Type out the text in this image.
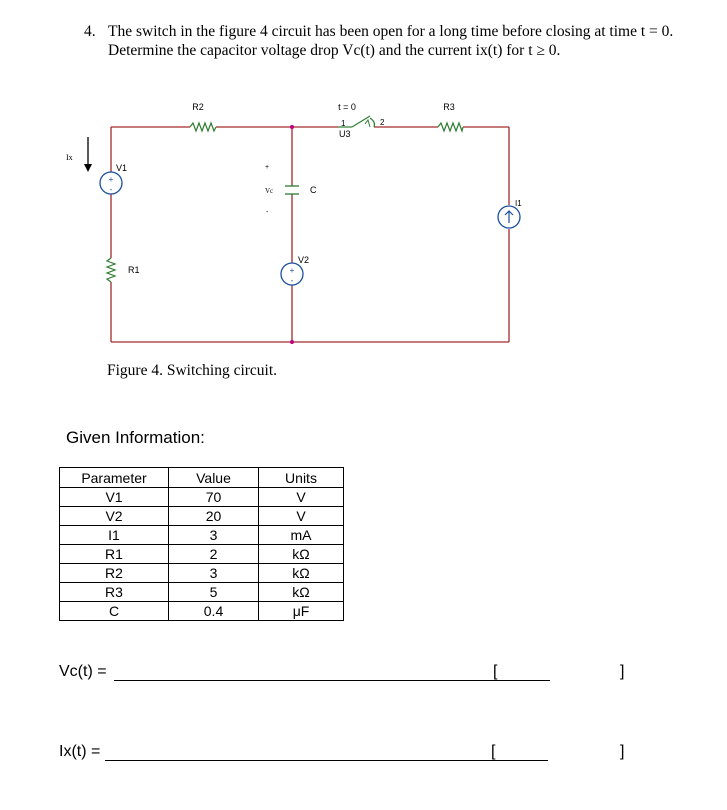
4. The switch in the figure 4 circuit has been open for a long time before closing at time t = 0. Determine the capacitor voltage drop Vc(t) and the current ix(t) for t ≥ 0.
R2	R3
t = 0
1	2
U3
Ix
+
-
V1
R1
C
+
Vc
-
+
-
V2
I1
Figure 4. Switching circuit.
Given Information:
Parameter	Value	Units
V1	70	V
V2	20	V
I1	3	mA
R1	2	kΩ
R2	3	kΩ
R3	5	kΩ
C	0.4	μF
Vc(t) =	[	]
Ix(t) =	[	]
